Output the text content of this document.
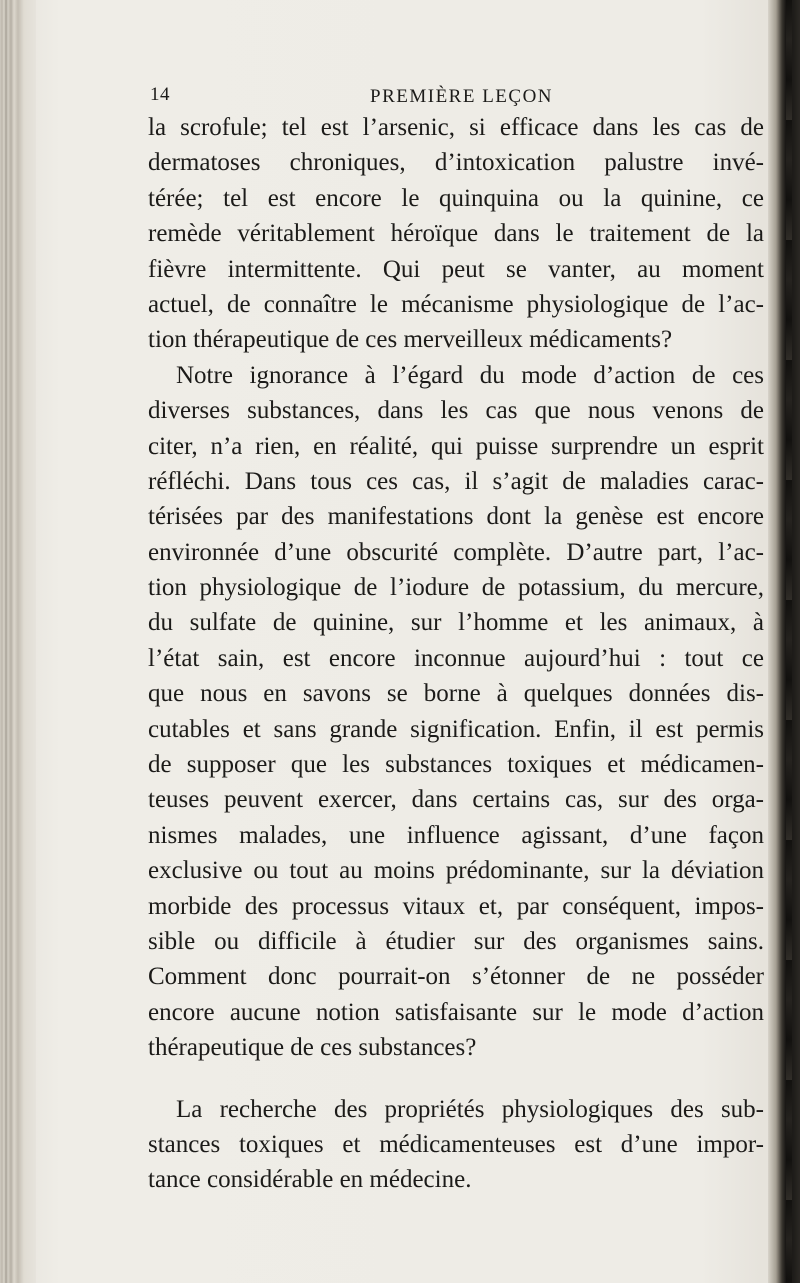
14	PREMIÈRE LEÇON
la scrofule; tel est l’arsenic, si efficace dans les cas de
dermatoses chroniques, d’intoxication palustre invé-
térée; tel est encore le quinquina ou la quinine, ce
remède véritablement héroïque dans le traitement de la
fièvre intermittente. Qui peut se vanter, au moment
actuel, de connaître le mécanisme physiologique de l’ac-
tion thérapeutique de ces merveilleux médicaments?
Notre ignorance à l’égard du mode d’action de ces
diverses substances, dans les cas que nous venons de
citer, n’a rien, en réalité, qui puisse surprendre un esprit
réfléchi. Dans tous ces cas, il s’agit de maladies carac-
térisées par des manifestations dont la genèse est encore
environnée d’une obscurité complète. D’autre part, l’ac-
tion physiologique de l’iodure de potassium, du mercure,
du sulfate de quinine, sur l’homme et les animaux, à
l’état sain, est encore inconnue aujourd’hui : tout ce
que nous en savons se borne à quelques données dis-
cutables et sans grande signification. Enfin, il est permis
de supposer que les substances toxiques et médicamen-
teuses peuvent exercer, dans certains cas, sur des orga-
nismes malades, une influence agissant, d’une façon
exclusive ou tout au moins prédominante, sur la déviation
morbide des processus vitaux et, par conséquent, impos-
sible ou difficile à étudier sur des organismes sains.
Comment donc pourrait-on s’étonner de ne posséder
encore aucune notion satisfaisante sur le mode d’action
thérapeutique de ces substances?
La recherche des propriétés physiologiques des sub-
stances toxiques et médicamenteuses est d’une impor-
tance considérable en médecine.
